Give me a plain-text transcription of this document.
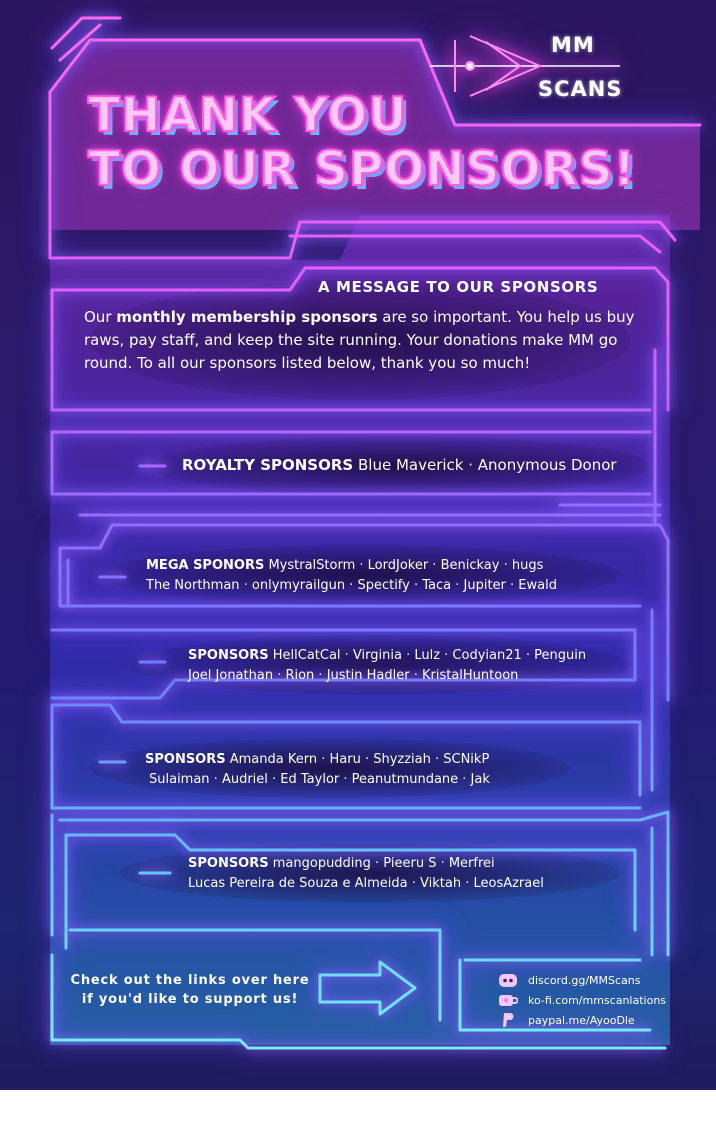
MM
SCANS
THANK YOU
TO OUR SPONSORS!
A MESSAGE TO OUR SPONSORS
Our monthly membership sponsors are so important. You help us buy raws, pay staff, and keep the site running. Your donations make MM go round. To all our sponsors listed below, thank you so much!
ROYALTY SPONSORS Blue Maverick · Anonymous Donor
MEGA SPONORS MystralStorm · LordJoker · Benickay · hugs
The Northman · onlymyrailgun · Spectify · Taca · Jupiter · Ewald
SPONSORS HellCatCal · Virginia · Lulz · Codyian21 · Penguin
Joel Jonathan · Rion · Justin Hadler · KristalHuntoon
SPONSORS Amanda Kern · Haru · Shyzziah · SCNikP
Sulaiman · Audriel · Ed Taylor · Peanutmundane · Jak
SPONSORS mangopudding · Pieeru S · Merfrei
Lucas Pereira de Souza e Almeida · Viktah · LeosAzrael
Check out the links over here
if you'd like to support us!
discord.gg/MMScans
ko-fi.com/mmscanlations
paypal.me/AyooDle
